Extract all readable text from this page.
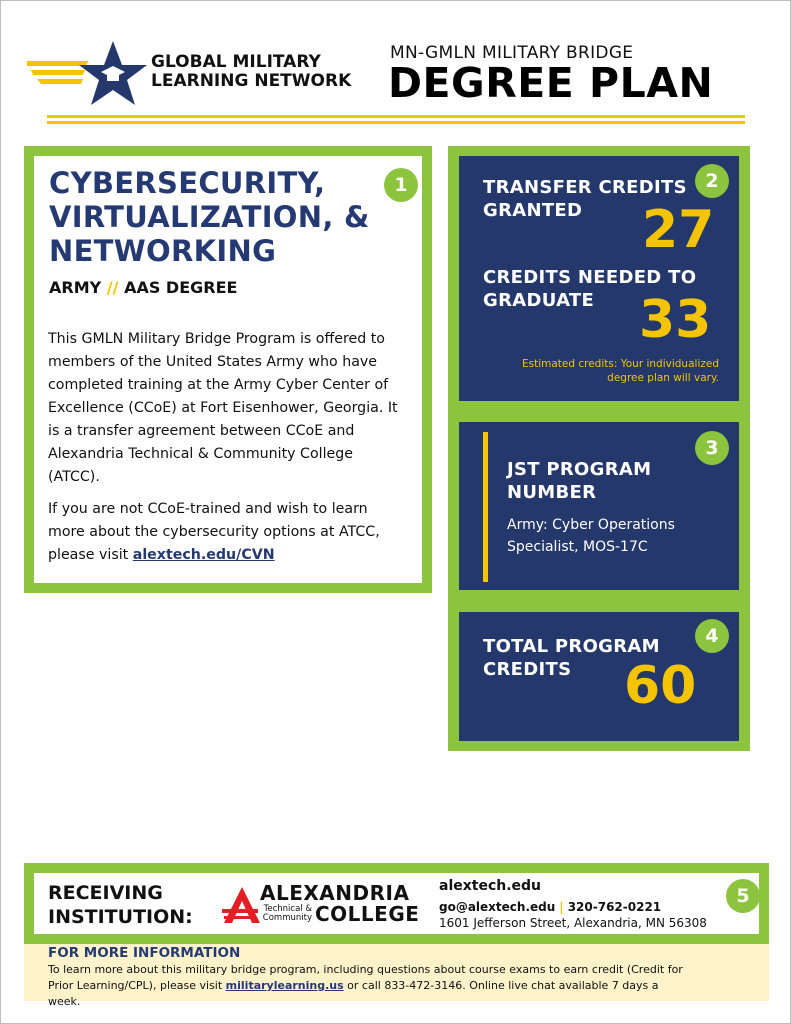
GLOBAL MILITARY
LEARNING NETWORK
MN-GMLN MILITARY BRIDGE
DEGREE PLAN
1
CYBERSECURITY,
VIRTUALIZATION, &
NETWORKING
ARMY // AAS DEGREE
This GMLN Military Bridge Program is offered to members of the United States Army who have completed training at the Army Cyber Center of Excellence (CCoE) at Fort Eisenhower, Georgia. It is a transfer agreement between CCoE and Alexandria Technical & Community College (ATCC).
If you are not CCoE-trained and wish to learn more about the cybersecurity options at ATCC, please visit alextech.edu/CVN
TRANSFER CREDITS
GRANTED
2
27
CREDITS NEEDED TO
GRADUATE 33
Estimated credits: Your individualized
degree plan will vary.
3
JST PROGRAM
NUMBER
Army: Cyber Operations Specialist, MOS-17C
4
TOTAL PROGRAM
CREDITS	60
RECEIVING
INSTITUTION:
ALEXANDRIA
Technical &
Community COLLEGE
alextech.edu
go@alextech.edu | 320-762-0221
1601 Jefferson Street, Alexandria, MN 56308
5
FOR MORE INFORMATION
To learn more about this military bridge program, including questions about course exams to earn credit (Credit for Prior Learning/CPL), please visit militarylearning.us or call 833-472-3146. Online live chat available 7 days a week.
